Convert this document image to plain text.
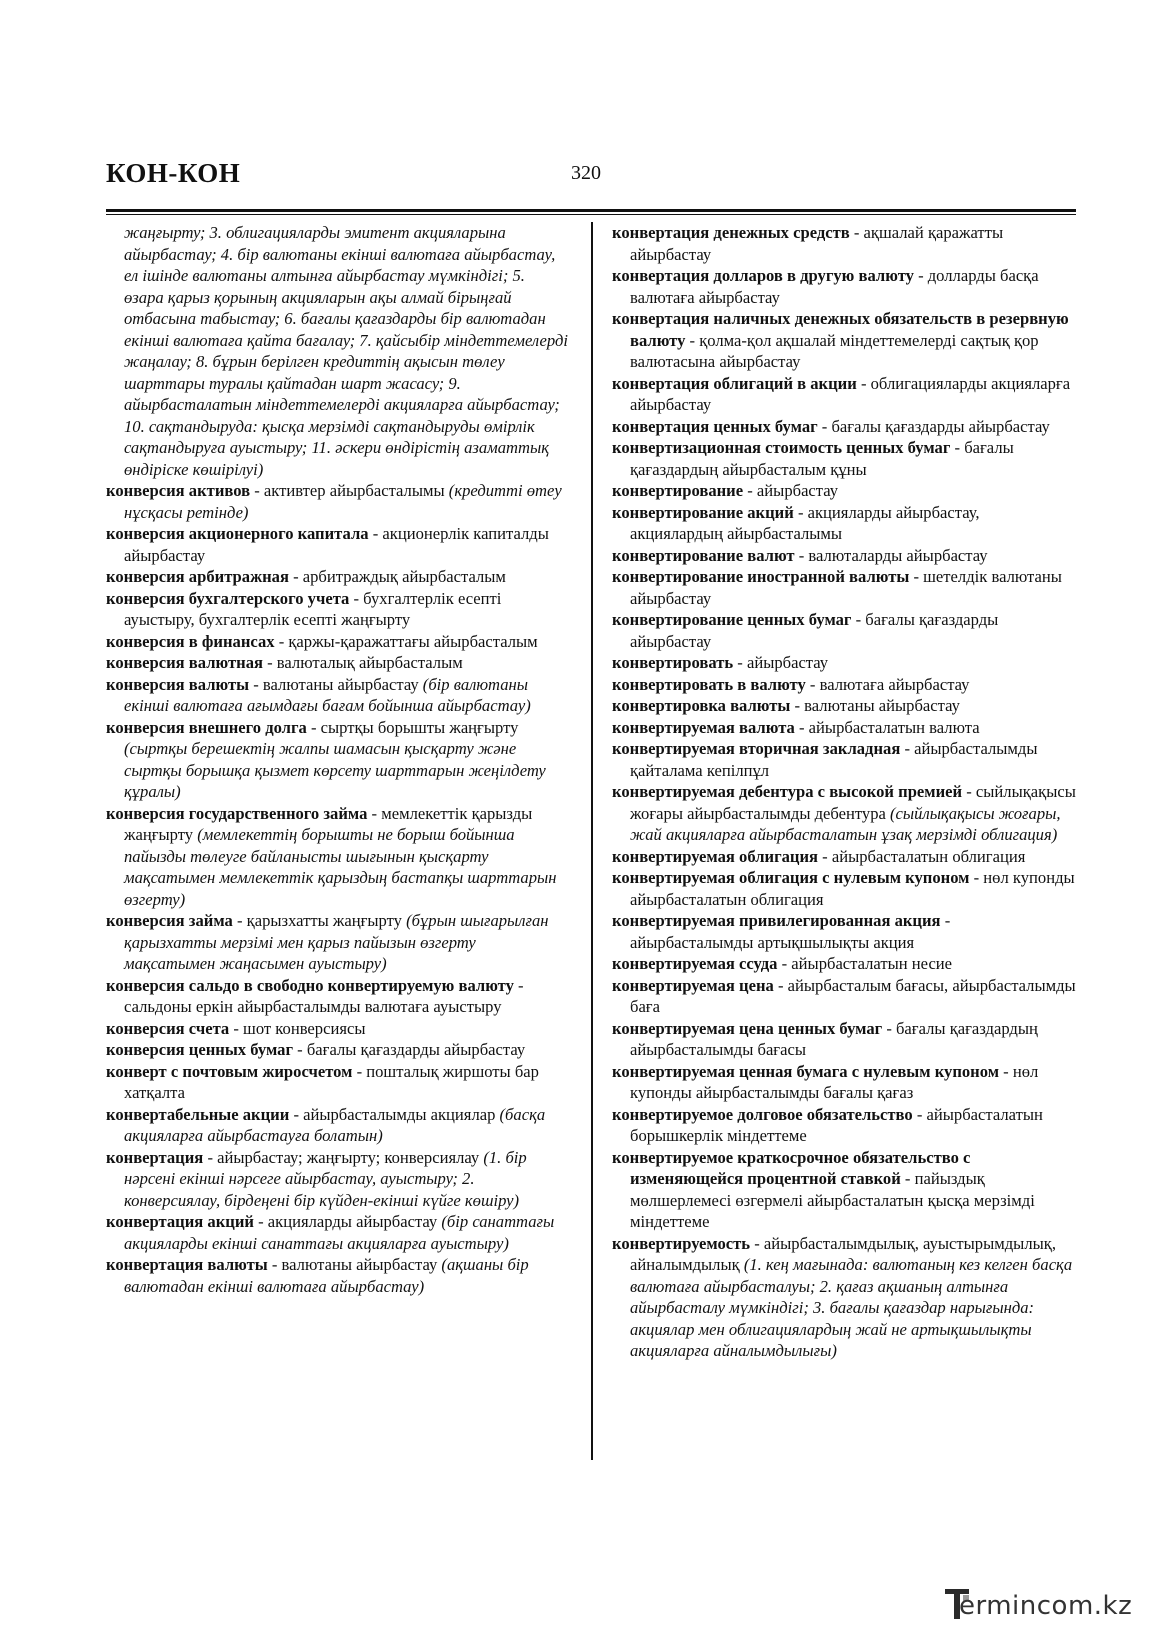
КОН-КОН	320

жаңғырту; 3. облигацияларды эмитент акцияларына айырбастау; 4. бір валютаны екінші валютаға айырбастау, ел ішінде валютаны алтынға айырбастау мүмкіндігі; 5. өзара қарыз қорының акцияларын ақы алмай бірыңғай отбасына табыстау; 6. бағалы қағаздарды бір валютадан екінші валютаға қайта бағалау; 7. қайсыбір міндеттемелерді жаңалау; 8. бұрын берілген кредиттің ақысын төлеу шарттары туралы қайтадан шарт жасасу; 9. айырбасталатын міндеттемелерді акцияларға айырбастау; 10. сақтандыруда: қысқа мерзімді сақтандыруды өмірлік сақтандыруға ауыстыру; 11. әскери өндірістің азаматтық өндіріске көшірілуі)

конверсия активов - активтер айырбасталымы (кредитті өтеу нұсқасы ретінде)

конверсия акционерного капитала - акционерлік капиталды айырбастау

конверсия арбитражная - арбитраждық айырбасталым

конверсия бухгалтерского учета - бухгалтерлік есепті ауыстыру, бухгалтерлік есепті жаңғырту

конверсия в финансах - қаржы-қаражаттағы айырбасталым

конверсия валютная - валюталық айырбасталым

конверсия валюты - валютаны айырбастау (бір валютаны екінші валютаға ағымдағы бағам бойынша айырбастау)

конверсия внешнего долга - сыртқы борышты жаңғырту (сыртқы берешектің жалпы шамасын қысқарту және сыртқы борышқа қызмет көрсету шарттарын жеңілдету құралы)

конверсия государственного займа - мемлекеттік қарызды жаңғырту (мемлекеттің борышты не борыш бойынша пайызды төлеуге байланысты шығынын қысқарту мақсатымен мемлекеттік қарыздың бастапқы шарттарын өзгерту)

конверсия займа - қарызхатты жаңғырту (бұрын шығарылған қарызхатты мерзімі мен қарыз пайызын өзгерту мақсатымен жаңасымен ауыстыру)

конверсия сальдо в свободно конвертируемую валюту - сальдоны еркін айырбасталымды валютаға ауыстыру

конверсия счета - шот конверсиясы

конверсия ценных бумаг - бағалы қағаздарды айырбастау

конверт с почтовым жиросчетом - пошталық жиршоты бар хатқалта

конвертабельные акции - айырбасталымды акциялар (басқа акцияларға айырбастауға болатын)

конвертация - айырбастау; жаңғырту; конверсиялау (1. бір нәрсені екінші нәрсеге айырбастау, ауыстыру; 2. конверсиялау, бірдеңені бір күйден-екінші күйге көшіру)

конвертация акций - акцияларды айырбастау (бір санаттағы акцияларды екінші санаттағы акцияларға ауыстыру)

конвертация валюты - валютаны айырбастау (ақшаны бір валютадан екінші валютаға айырбастау)

конвертация денежных средств - ақшалай қаражатты айырбастау

конвертация долларов в другую валюту - долларды басқа валютаға айырбастау

конвертация наличных денежных обязательств в резервную валюту - қолма-қол ақшалай міндеттемелерді сақтық қор валютасына айырбастау

конвертация облигаций в акции - облигацияларды акцияларға айырбастау

конвертация ценных бумаг - бағалы қағаздарды айырбастау

конвертизационная стоимость ценных бумаг - бағалы қағаздардың айырбасталым құны

конвертирование - айырбастау

конвертирование акций - акцияларды айырбастау, акциялардың айырбасталымы

конвертирование валют - валюталарды айырбастау

конвертирование иностранной валюты - шетелдік валютаны айырбастау

конвертирование ценных бумаг - бағалы қағаздарды айырбастау

конвертировать - айырбастау

конвертировать в валюту - валютаға айырбастау

конвертировка валюты - валютаны айырбастау

конвертируемая валюта - айырбасталатын валюта

конвертируемая вторичная закладная - айырбасталымды қайталама кепілпұл

конвертируемая дебентура с высокой премией - сыйлықақысы жоғары айырбасталымды дебентура (сыйлықақысы жоғары, жай акцияларға айырбасталатын ұзақ мерзімді облигация)

конвертируемая облигация - айырбасталатын облигация

конвертируемая облигация с нулевым купоном - нөл купонды айырбасталатын облигация

конвертируемая привилегированная акция - айырбасталымды артықшылықты акция

конвертируемая ссуда - айырбасталатын несие

конвертируемая цена - айырбасталым бағасы, айырбасталымды баға

конвертируемая цена ценных бумаг - бағалы қағаздардың айырбасталымды бағасы

конвертируемая ценная бумага с нулевым купоном - нөл купонды айырбасталымды бағалы қағаз

конвертируемое долговое обязательство - айырбасталатын борышкерлік міндеттеме

конвертируемое краткосрочное обязательство с изменяющейся процентной ставкой - пайыздық мөлшерлемесі өзгермелі айырбасталатын қысқа мерзімді міндеттеме

конвертируемость - айырбасталымдылық, ауыстырымдылық, айналымдылық (1. кең мағынада: валютаның кез келген басқа валютаға айырбасталуы; 2. қағаз ақшаның алтынға айырбасталу мүмкіндігі; 3. бағалы қағаздар нарығында: акциялар мен облигациялардың жай не артықшылықты акцияларға айналымдылығы)

ermincom.kz
